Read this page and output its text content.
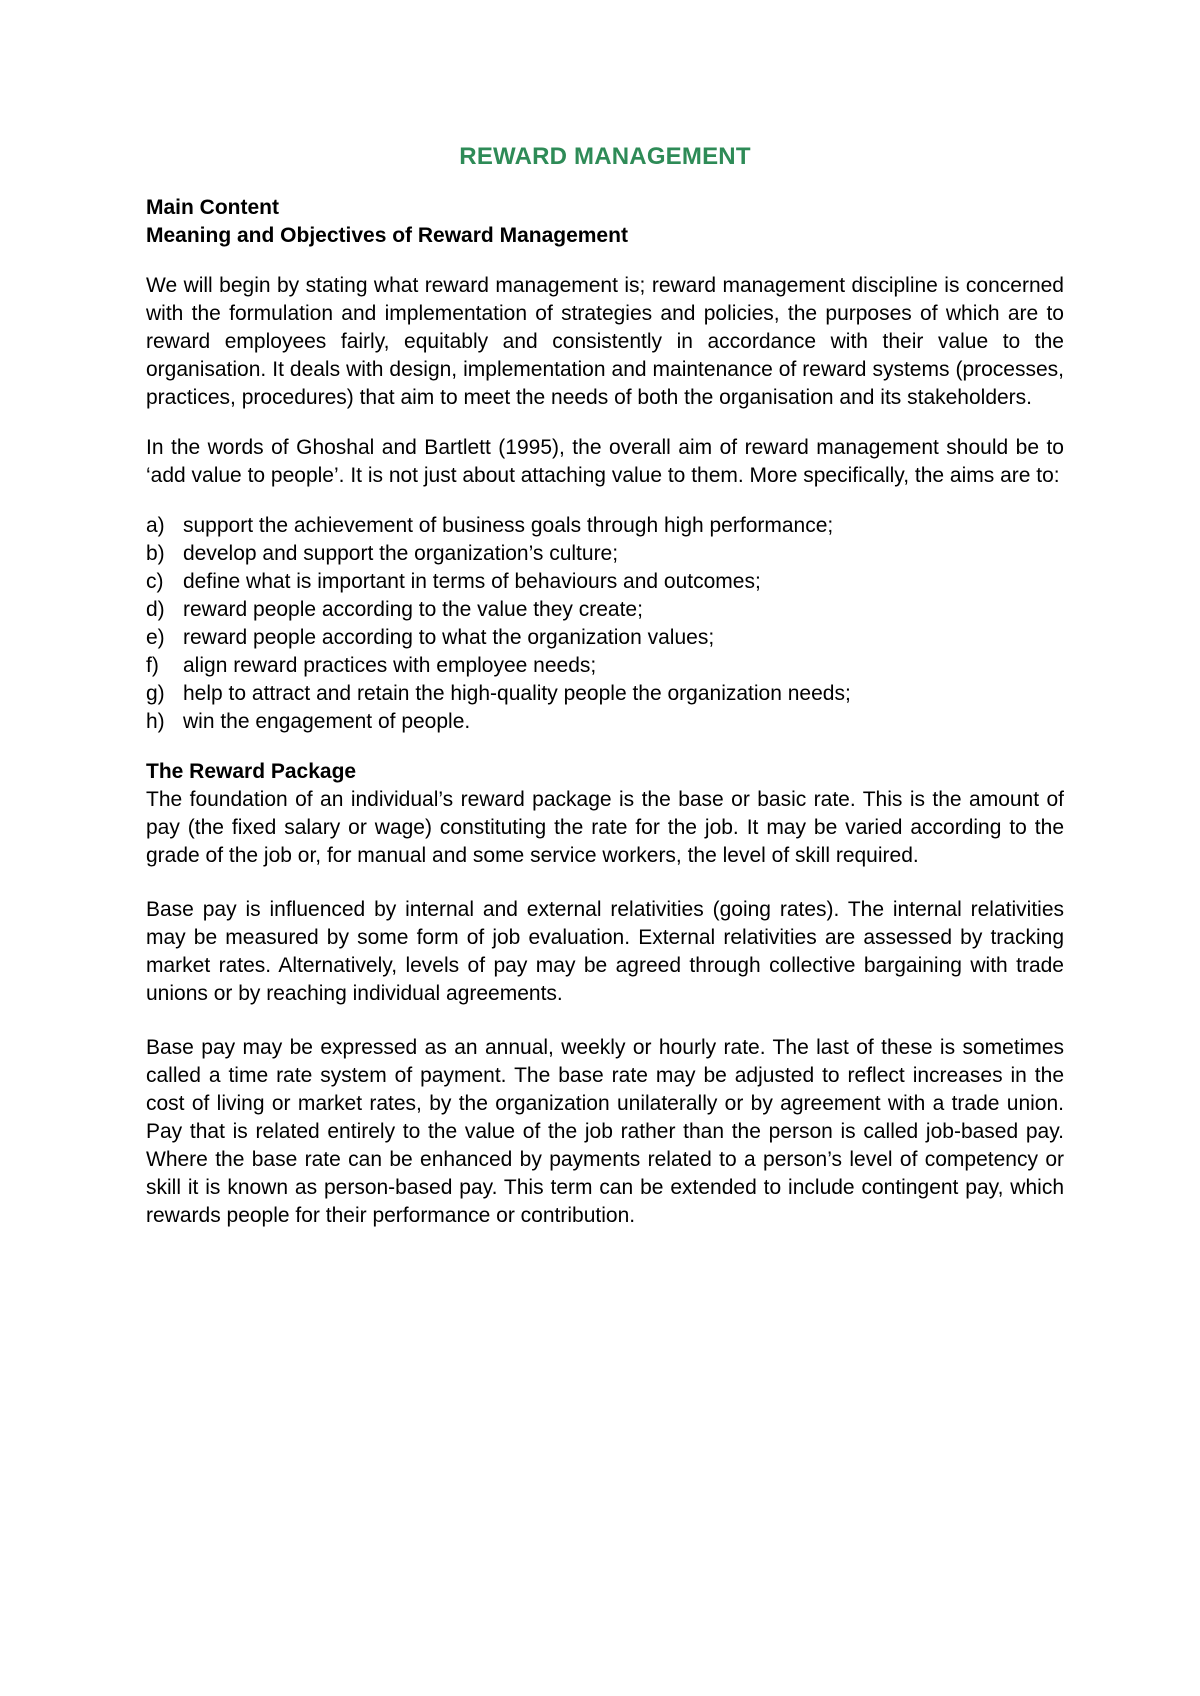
REWARD MANAGEMENT

Main Content

Meaning and Objectives of Reward Management

We will begin by stating what reward management is; reward management discipline is concerned with the formulation and implementation of strategies and policies, the purposes of which are to reward employees fairly, equitably and consistently in accordance with their value to the organisation. It deals with design, implementation and maintenance of reward systems (processes, practices, procedures) that aim to meet the needs of both the organisation and its stakeholders.

In the words of Ghoshal and Bartlett (1995), the overall aim of reward management should be to ‘add value to people’. It is not just about attaching value to them. More specifically, the aims are to:

a) support the achievement of business goals through high performance;
b) develop and support the organization’s culture;
c) define what is important in terms of behaviours and outcomes;
d) reward people according to the value they create;
e) reward people according to what the organization values;
f)	align reward practices with employee needs;
g) help to attract and retain the high-quality people the organization needs;
h) win the engagement of people.

The Reward Package

The foundation of an individual’s reward package is the base or basic rate. This is the amount of pay (the fixed salary or wage) constituting the rate for the job. It may be varied according to the grade of the job or, for manual and some service workers, the level of skill required.

Base pay is influenced by internal and external relativities (going rates). The internal relativities may be measured by some form of job evaluation. External relativities are assessed by tracking market rates. Alternatively, levels of pay may be agreed through collective bargaining with trade unions or by reaching individual agreements.

Base pay may be expressed as an annual, weekly or hourly rate. The last of these is sometimes called a time rate system of payment. The base rate may be adjusted to reflect increases in the cost of living or market rates, by the organization unilaterally or by agreement with a trade union. Pay that is related entirely to the value of the job rather than the person is called job-based pay. Where the base rate can be enhanced by payments related to a person’s level of competency or skill it is known as person-based pay. This term can be extended to include contingent pay, which rewards people for their performance or contribution.
